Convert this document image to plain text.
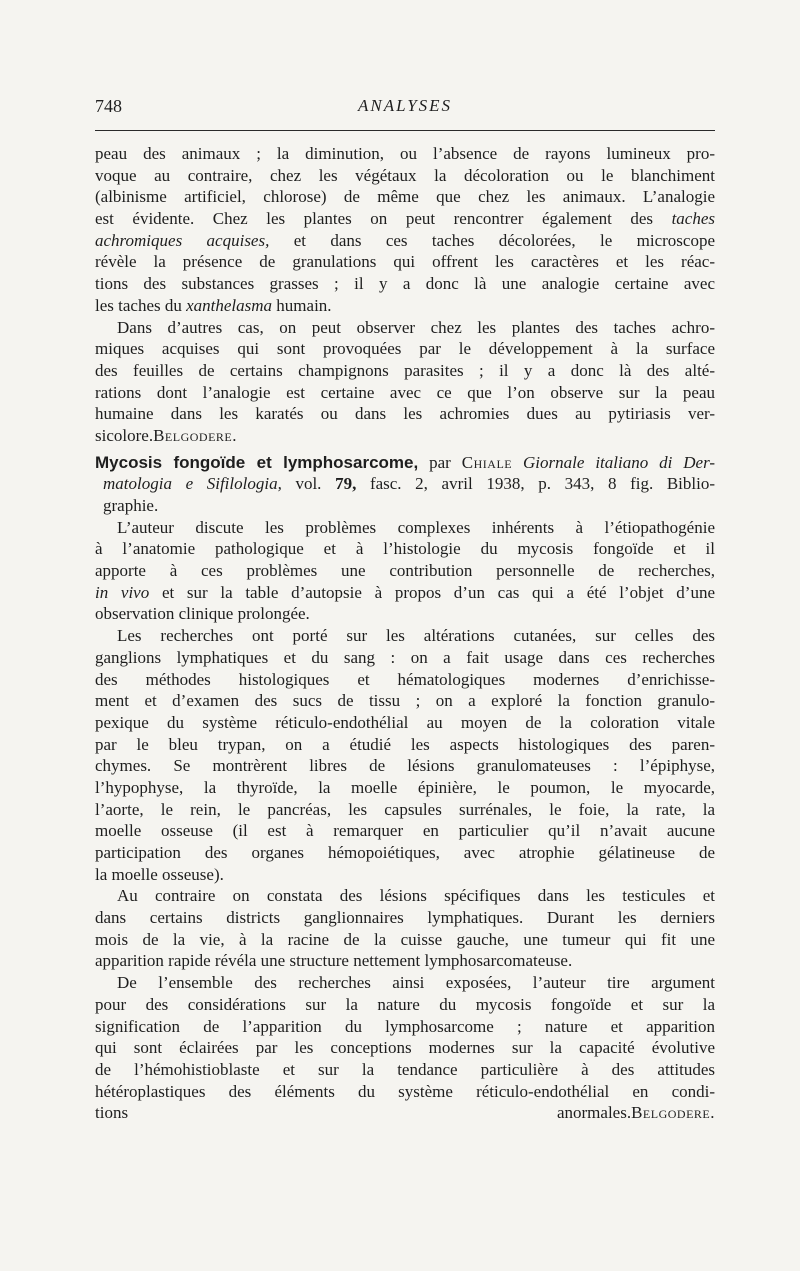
748	ANALYSES
peau des animaux ; la diminution, ou l’absence de rayons lumineux pro-
voque au contraire, chez les végétaux la décoloration ou le blanchiment
(albinisme artificiel, chlorose) de même que chez les animaux. L’analogie
est évidente. Chez les plantes on peut rencontrer également des taches
achromiques acquises, et dans ces taches décolorées, le microscope
révèle la présence de granulations qui offrent les caractères et les réac-
tions des substances grasses ; il y a donc là une analogie certaine avec
les taches du xanthelasma humain.
Dans d’autres cas, on peut observer chez les plantes des taches achro-
miques acquises qui sont provoquées par le développement à la surface
des feuilles de certains champignons parasites ; il y a donc là des alté-
rations dont l’analogie est certaine avec ce que l’on observe sur la peau
humaine dans les karatés ou dans les achromies dues au pytiriasis ver-
sicolore.Belgodere.
Mycosis fongoïde et lymphosarcome, par Chiale Giornale italiano di Der-
matologia e Sifilologia, vol. 79, fasc. 2, avril 1938, p. 343, 8 fig. Biblio-
graphie.
L’auteur discute les problèmes complexes inhérents à l’étiopathogénie
à l’anatomie pathologique et à l’histologie du mycosis fongoïde et il
apporte à ces problèmes une contribution personnelle de recherches,
in vivo et sur la table d’autopsie à propos d’un cas qui a été l’objet d’une
observation clinique prolongée.
Les recherches ont porté sur les altérations cutanées, sur celles des
ganglions lymphatiques et du sang : on a fait usage dans ces recherches
des méthodes histologiques et hématologiques modernes d’enrichisse-
ment et d’examen des sucs de tissu ; on a exploré la fonction granulo-
pexique du système réticulo-endothélial au moyen de la coloration vitale
par le bleu trypan, on a étudié les aspects histologiques des paren-
chymes. Se montrèrent libres de lésions granulomateuses : l’épiphyse,
l’hypophyse, la thyroïde, la moelle épinière, le poumon, le myocarde,
l’aorte, le rein, le pancréas, les capsules surrénales, le foie, la rate, la
moelle osseuse (il est à remarquer en particulier qu’il n’avait aucune
participation des organes hémopoiétiques, avec atrophie gélatineuse de
la moelle osseuse).
Au contraire on constata des lésions spécifiques dans les testicules et
dans certains districts ganglionnaires lymphatiques. Durant les derniers
mois de la vie, à la racine de la cuisse gauche, une tumeur qui fit une
apparition rapide révéla une structure nettement lymphosarcomateuse.
De l’ensemble des recherches ainsi exposées, l’auteur tire argument
pour des considérations sur la nature du mycosis fongoïde et sur la
signification de l’apparition du lymphosarcome ; nature et apparition
qui sont éclairées par les conceptions modernes sur la capacité évolutive
de l’hémohistioblaste et sur la tendance particulière à des attitudes
hétéroplastiques des éléments du système réticulo-endothélial en condi-
tions anormales.Belgodere.
